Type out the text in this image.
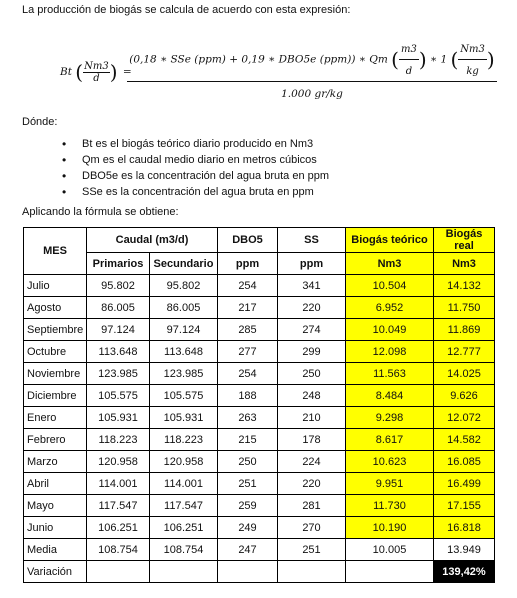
La producción de biogás se calcula de acuerdo con esta expresión:
Bt ( $\frac{Nm3}{d}$ ) =
(0,18 ∗ SSe (ppm) + 0,19 ∗ DBO5e (ppm)) ∗ Qm ( $\frac{m3}{d}$ ) ∗ 1 ( $\frac{Nm3}{kg}$ )
1.000 gr/kg
Dónde:
• Bt es el biogás teórico diario producido en Nm3
• Qm es el caudal medio diario en metros cúbicos
• DBO5e es la concentración del agua bruta en ppm
• SSe es la concentración del agua bruta en ppm
Aplicando la fórmula se obtiene:
MES	Caudal (m3/d)		DBO5	SS	Biogás teórico	Biogás real
	Primarios	Secundario	ppm	ppm	Nm3	Nm3
Julio	95.802	95.802	254	341	10.504	14.132
Agosto	86.005	86.005	217	220	6.952	11.750
Septiembre	97.124	97.124	285	274	10.049	11.869
Octubre	113.648	113.648	277	299	12.098	12.777
Noviembre	123.985	123.985	254	250	11.563	14.025
Diciembre	105.575	105.575	188	248	8.484	9.626
Enero	105.931	105.931	263	210	9.298	12.072
Febrero	118.223	118.223	215	178	8.617	14.582
Marzo	120.958	120.958	250	224	10.623	16.085
Abril	114.001	114.001	251	220	9.951	16.499
Mayo	117.547	117.547	259	281	11.730	17.155
Junio	106.251	106.251	249	270	10.190	16.818
Media	108.754	108.754	247	251	10.005	13.949
Variación						139,42%
